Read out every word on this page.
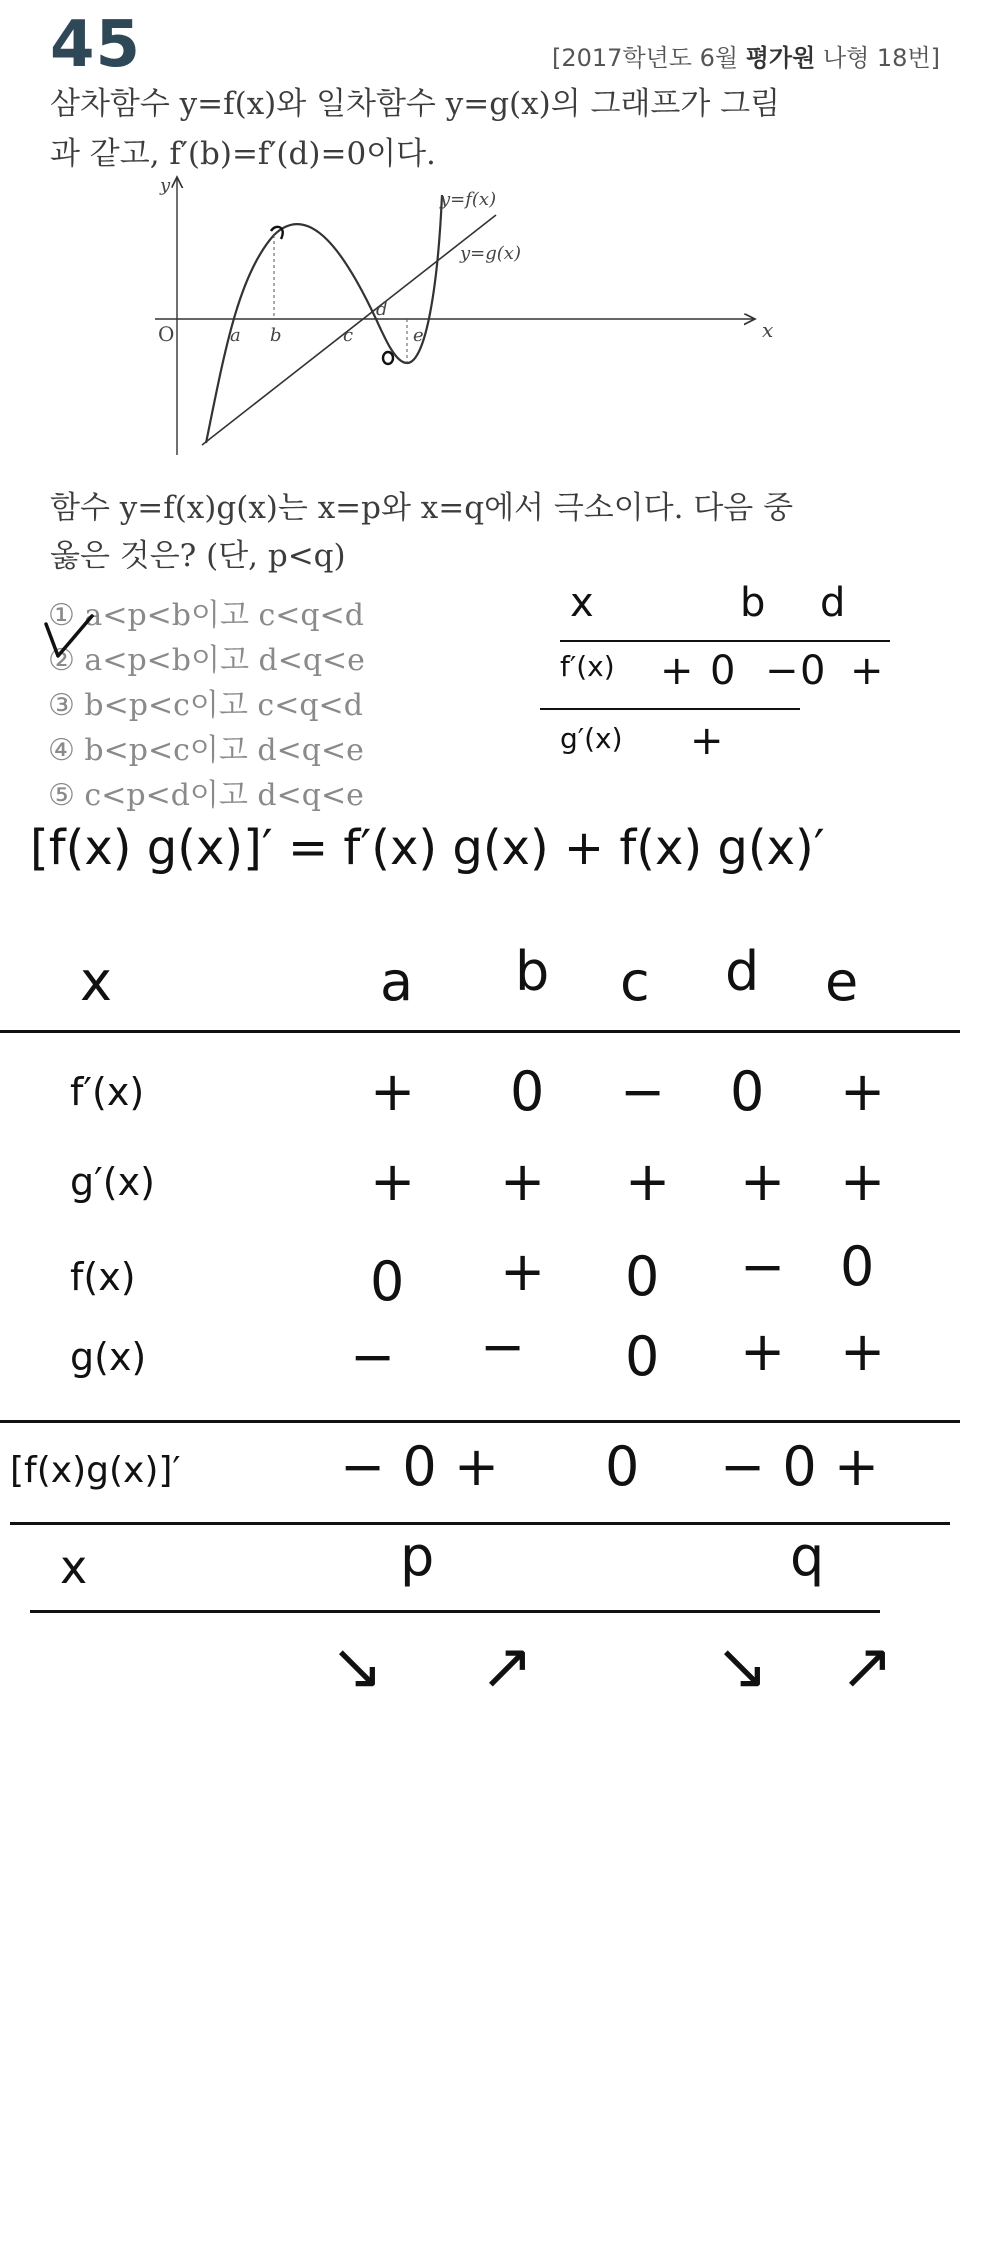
45	[2017학년도 6월 평가원 나형 18번]
삼차함수 y=f(x)와 일차함수 y=g(x)의 그래프가 그림
과 같고, f′(b)=f′(d)=0이다.
y
x
O	a b	c
d
e
y=f(x)
y=g(x)
함수 y=f(x)g(x)는 x=p와 x=q에서 극소이다. 다음 중
옳은 것은? (단, p<q)
① a<p<b이고 c<q<d
② a<p<b이고 d<q<e
③ b<p<c이고 c<q<d
④ b<p<c이고 d<q<e
⑤ c<p<d이고 d<q<e
x	b d
f′(x) + 0 − 0 +
g′(x) +
[f(x) g(x)]′ = f′(x) g(x) + f(x) g(x)′
x	a b c d e
f′(x)	+ 0 − 0 +
g′(x)	+ + + + +
f(x)	0 + 0 − 0
g(x)	− − 0 + +
[f(x)g(x)]′	− 0 + 0 − 0 +
x	p	q
↘ ↗	↘ ↗
